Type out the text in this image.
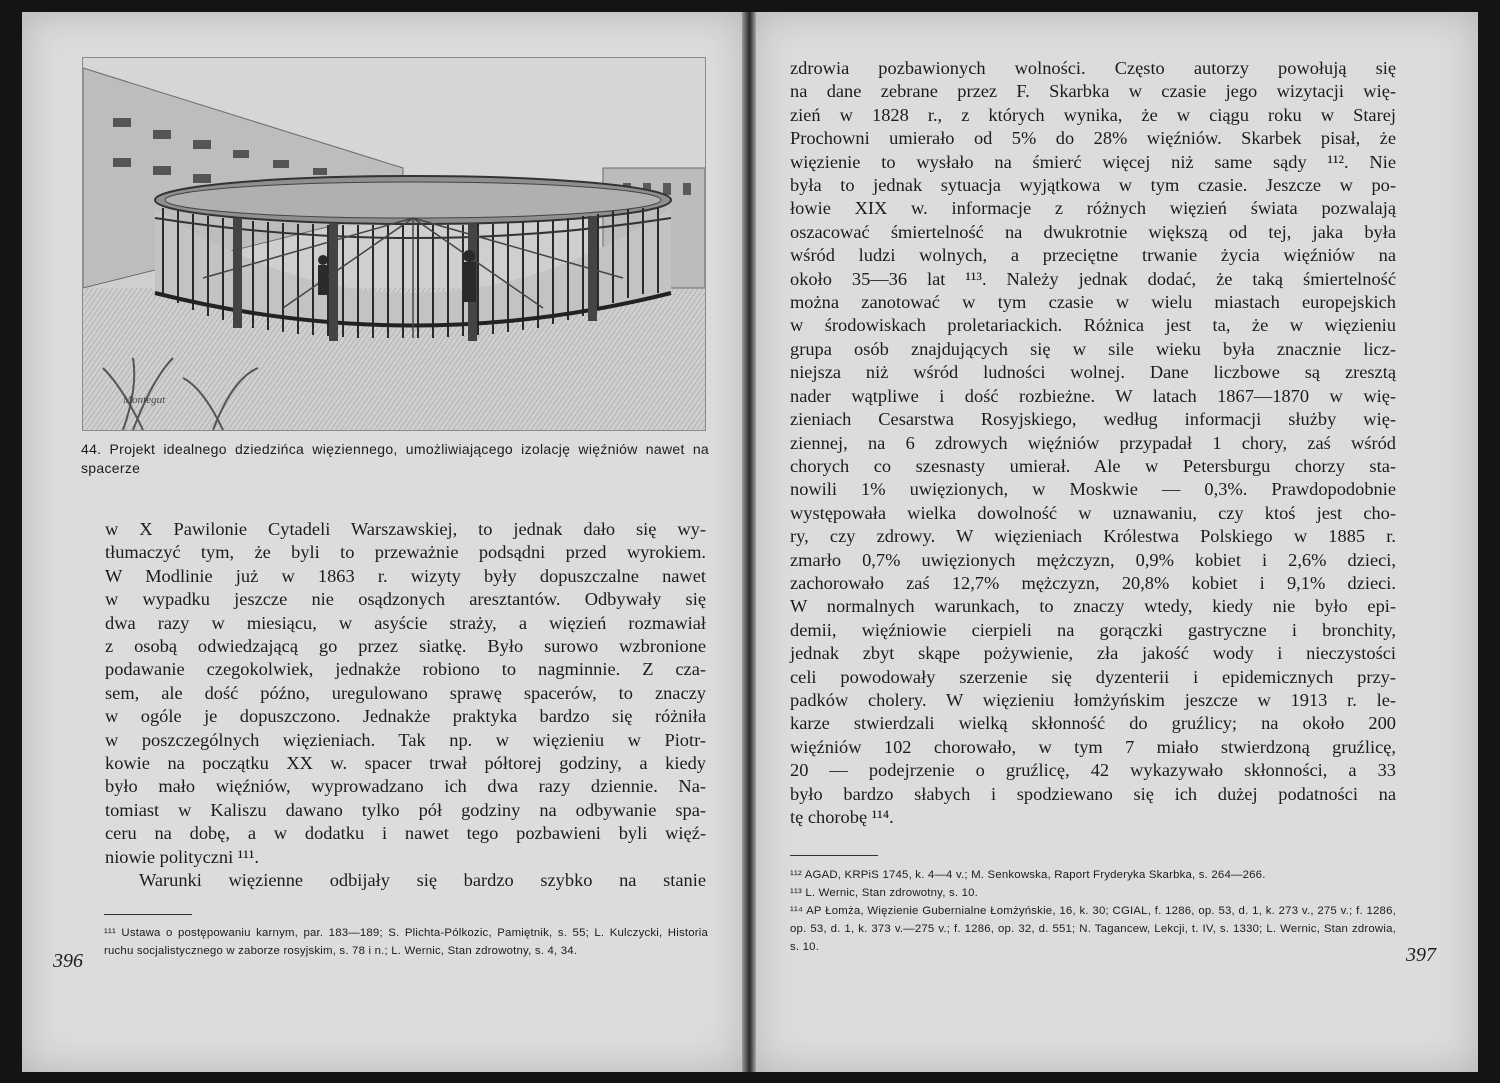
Montegut
44. Projekt idealnego dziedzińca więziennego, umożliwiającego izolację więźniów nawet na spacerze
w X Pawilonie Cytadeli Warszawskiej, to jednak dało się wy-
tłumaczyć tym, że byli to przeważnie podsądni przed wyrokiem.
W Modlinie już w 1863 r. wizyty były dopuszczalne nawet
w wypadku jeszcze nie osądzonych aresztantów. Odbywały się
dwa razy w miesiącu, w asyście straży, a więzień rozmawiał
z osobą odwiedzającą go przez siatkę. Było surowo wzbronione
podawanie czegokolwiek, jednakże robiono to nagminnie. Z cza-
sem, ale dość późno, uregulowano sprawę spacerów, to znaczy
w ogóle je dopuszczono. Jednakże praktyka bardzo się różniła
w poszczególnych więzieniach. Tak np. w więzieniu w Piotr-
kowie na początku XX w. spacer trwał półtorej godziny, a kiedy
było mało więźniów, wyprowadzano ich dwa razy dziennie. Na-
tomiast w Kaliszu dawano tylko pół godziny na odbywanie spa-
ceru na dobę, a w dodatku i nawet tego pozbawieni byli więź-
niowie polityczni ¹¹¹.
Warunki więzienne odbijały się bardzo szybko na stanie
¹¹¹ Ustawa o postępowaniu karnym, par. 183—189; S. Plichta-Pólkozic, Pamiętnik, s. 55; L. Kulczycki, Historia ruchu socjalistycznego w zaborze rosyjskim, s. 78 i n.; L. Wernic, Stan zdrowotny, s. 4, 34.
396
zdrowia pozbawionych wolności. Często autorzy powołują się
na dane zebrane przez F. Skarbka w czasie jego wizytacji wię-
zień w 1828 r., z których wynika, że w ciągu roku w Starej
Prochowni umierało od 5% do 28% więźniów. Skarbek pisał, że
więzienie to wysłało na śmierć więcej niż same sądy ¹¹². Nie
była to jednak sytuacja wyjątkowa w tym czasie. Jeszcze w po-
łowie XIX w. informacje z różnych więzień świata pozwalają
oszacować śmiertelność na dwukrotnie większą od tej, jaka była
wśród ludzi wolnych, a przeciętne trwanie życia więźniów na
około 35—36 lat ¹¹³. Należy jednak dodać, że taką śmiertelność
można zanotować w tym czasie w wielu miastach europejskich
w środowiskach proletariackich. Różnica jest ta, że w więzieniu
grupa osób znajdujących się w sile wieku była znacznie licz-
niejsza niż wśród ludności wolnej. Dane liczbowe są zresztą
nader wątpliwe i dość rozbieżne. W latach 1867—1870 w wię-
zieniach Cesarstwa Rosyjskiego, według informacji służby wię-
ziennej, na 6 zdrowych więźniów przypadał 1 chory, zaś wśród
chorych co szesnasty umierał. Ale w Petersburgu chorzy sta-
nowili 1% uwięzionych, w Moskwie — 0,3%. Prawdopodobnie
występowała wielka dowolność w uznawaniu, czy ktoś jest cho-
ry, czy zdrowy. W więzieniach Królestwa Polskiego w 1885 r.
zmarło 0,7% uwięzionych mężczyzn, 0,9% kobiet i 2,6% dzieci,
zachorowało zaś 12,7% mężczyzn, 20,8% kobiet i 9,1% dzieci.
W normalnych warunkach, to znaczy wtedy, kiedy nie było epi-
demii, więźniowie cierpieli na gorączki gastryczne i bronchity,
jednak zbyt skąpe pożywienie, zła jakość wody i nieczystości
celi powodowały szerzenie się dyzenterii i epidemicznych przy-
padków cholery. W więzieniu łomżyńskim jeszcze w 1913 r. le-
karze stwierdzali wielką skłonność do gruźlicy; na około 200
więźniów 102 chorowało, w tym 7 miało stwierdzoną gruźlicę,
20 — podejrzenie o gruźlicę, 42 wykazywało skłonności, a 33
było bardzo słabych i spodziewano się ich dużej podatności na
tę chorobę ¹¹⁴.
¹¹² AGAD, KRPiS 1745, k. 4—4 v.; M. Senkowska, Raport Fryderyka Skarbka, s. 264—266.
¹¹³ L. Wernic, Stan zdrowotny, s. 10.
¹¹⁴ AP Łomża, Więzienie Gubernialne Łomżyńskie, 16, k. 30; CGIAL, f. 1286, op. 53, d. 1, k. 273 v., 275 v.; f. 1286, op. 53, d. 1, k. 373 v.—275 v.; f. 1286, op. 32, d. 551; N. Tagancew, Lekcji, t. IV, s. 1330; L. Wernic, Stan zdrowia, s. 10.	397
